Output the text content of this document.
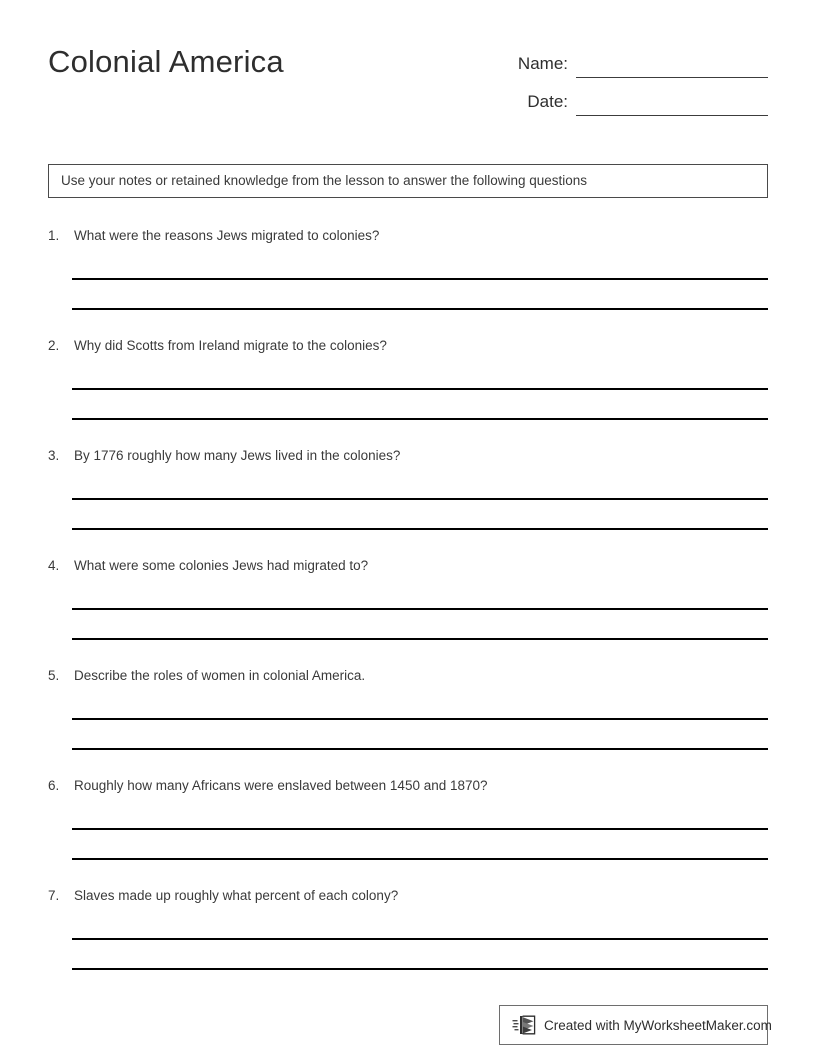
Colonial America	Name:
Date:
Use your notes or retained knowledge from the lesson to answer the following questions
1.	What were the reasons Jews migrated to colonies?
2.	Why did Scotts from Ireland migrate to the colonies?
3.	By 1776 roughly how many Jews lived in the colonies?
4.	What were some colonies Jews had migrated to?
5.	Describe the roles of women in colonial America.
6.	Roughly how many Africans were enslaved between 1450 and 1870?
7.	Slaves made up roughly what percent of each colony?
Created with MyWorksheetMaker.com
